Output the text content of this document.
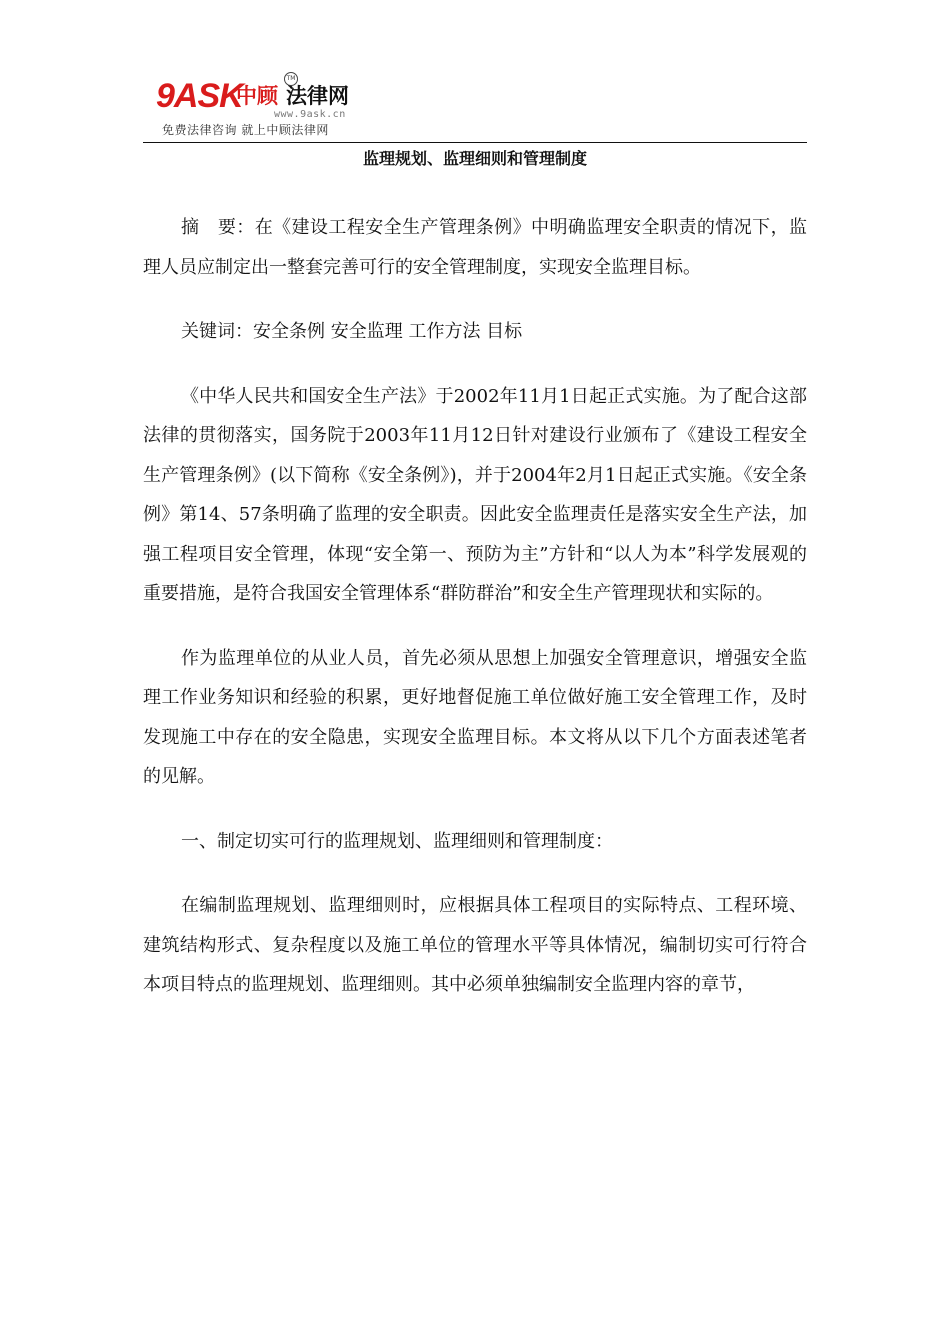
9ASK
中顾 法律网
TM
www.9ask.cn
免费法律咨询 就上中顾法律网
监理规划、监理细则和管理制度

摘　要：在《建设工程安全生产管理条例》中明确监理安全职责的情况下，监理人员应制定出一整套完善可行的安全管理制度，实现安全监理目标。

关键词：安全条例 安全监理 工作方法 目标

《中华人民共和国安全生产法》于2002年11月1日起正式实施。为了配合这部法律的贯彻落实，国务院于2003年11月12日针对建设行业颁布了《建设工程安全生产管理条例》(以下简称《安全条例》)，并于2004年2月1日起正式实施。《安全条例》第14、57条明确了监理的安全职责。因此安全监理责任是落实安全生产法，加强工程项目安全管理，体现“安全第一、预防为主”方针和“以人为本”科学发展观的重要措施，是符合我国安全管理体系“群防群治”和安全生产管理现状和实际的。

作为监理单位的从业人员，首先必须从思想上加强安全管理意识，增强安全监理工作业务知识和经验的积累，更好地督促施工单位做好施工安全管理工作，及时发现施工中存在的安全隐患，实现安全监理目标。本文将从以下几个方面表述笔者的见解。

一、制定切实可行的监理规划、监理细则和管理制度：

在编制监理规划、监理细则时，应根据具体工程项目的实际特点、工程环境、建筑结构形式、复杂程度以及施工单位的管理水平等具体情况，编制切实可行符合本项目特点的监理规划、监理细则。其中必须单独编制安全监理内容的章节，
